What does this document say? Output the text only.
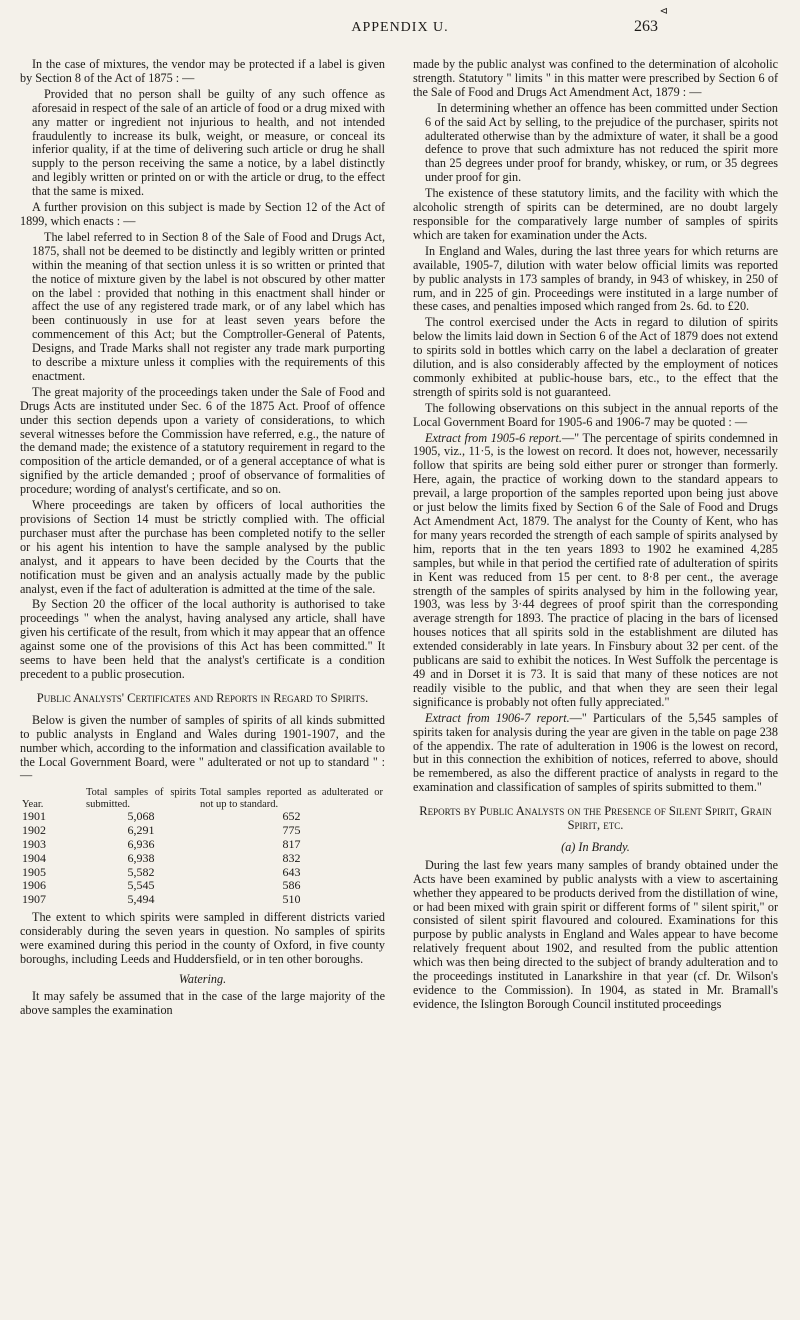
⊲
APPENDIX U.	263

In the case of mixtures, the vendor may be protected if a label is given by Section 8 of the Act of 1875 : —

Provided that no person shall be guilty of any such offence as aforesaid in respect of the sale of an article of food or a drug mixed with any matter or ingredient not injurious to health, and not intended fraudulently to increase its bulk, weight, or measure, or conceal its inferior quality, if at the time of delivering such article or drug he shall supply to the person receiving the same a notice, by a label distinctly and legibly written or printed on or with the article or drug, to the effect that the same is mixed.

A further provision on this subject is made by Section 12 of the Act of 1899, which enacts : —

The label referred to in Section 8 of the Sale of Food and Drugs Act, 1875, shall not be deemed to be distinctly and legibly written or printed within the meaning of that section unless it is so written or printed that the notice of mixture given by the label is not obscured by other matter on the label : provided that nothing in this enactment shall hinder or affect the use of any registered trade mark, or of any label which has been continuously in use for at least seven years before the commencement of this Act; but the Comptroller-General of Patents, Designs, and Trade Marks shall not register any trade mark purporting to describe a mixture unless it complies with the requirements of this enactment.

The great majority of the proceedings taken under the Sale of Food and Drugs Acts are instituted under Sec. 6 of the 1875 Act. Proof of offence under this section depends upon a variety of considerations, to which several witnesses before the Commission have referred, e.g., the nature of the demand made; the existence of a statutory requirement in regard to the composition of the article demanded, or of a general acceptance of what is signified by the article demanded ; proof of observance of formalities of procedure; wording of analyst's certificate, and so on.

Where proceedings are taken by officers of local authorities the provisions of Section 14 must be strictly complied with. The official purchaser must after the purchase has been completed notify to the seller or his agent his intention to have the sample analysed by the public analyst, and it appears to have been decided by the Courts that the notification must be given and an analysis actually made by the public analyst, even if the fact of adulteration is admitted at the time of the sale.

By Section 20 the officer of the local authority is authorised to take proceedings " when the analyst, having analysed any article, shall have given his certificate of the result, from which it may appear that an offence against some one of the provisions of this Act has been committed." It seems to have been held that the analyst's certificate is a condition precedent to a public prosecution.

Public Analysts' Certificates and Reports in Regard to Spirits.

Below is given the number of samples of spirits of all kinds submitted to public analysts in England and Wales during 1901-1907, and the number which, according to the information and classification available to the Local Government Board, were " adulterated or not up to standard " : —

Year.	Total samples of spirits submitted.	Total samples reported as adulterated or not up to standard.
1901	5,068	652
1902	6,291	775
1903	6,936	817
1904	6,938	832
1905	5,582	643
1906	5,545	586
1907	5,494	510

The extent to which spirits were sampled in different districts varied considerably during the seven years in question. No samples of spirits were examined during this period in the county of Oxford, in five county boroughs, including Leeds and Huddersfield, or in ten other boroughs.

Watering.

It may safely be assumed that in the case of the large majority of the above samples the examination

made by the public analyst was confined to the determination of alcoholic strength. Statutory " limits " in this matter were prescribed by Section 6 of the Sale of Food and Drugs Act Amendment Act, 1879 : —

In determining whether an offence has been committed under Section 6 of the said Act by selling, to the prejudice of the purchaser, spirits not adulterated otherwise than by the admixture of water, it shall be a good defence to prove that such admixture has not reduced the spirit more than 25 degrees under proof for brandy, whiskey, or rum, or 35 degrees under proof for gin.

The existence of these statutory limits, and the facility with which the alcoholic strength of spirits can be determined, are no doubt largely responsible for the comparatively large number of samples of spirits which are taken for examination under the Acts.

In England and Wales, during the last three years for which returns are available, 1905-7, dilution with water below official limits was reported by public analysts in 173 samples of brandy, in 943 of whiskey, in 250 of rum, and in 225 of gin. Proceedings were instituted in a large number of these cases, and penalties imposed which ranged from 2s. 6d. to £20.

The control exercised under the Acts in regard to dilution of spirits below the limits laid down in Section 6 of the Act of 1879 does not extend to spirits sold in bottles which carry on the label a declaration of greater dilution, and is also considerably affected by the employment of notices commonly exhibited at public-house bars, etc., to the effect that the strength of spirits sold is not guaranteed.

The following observations on this subject in the annual reports of the Local Government Board for 1905-6 and 1906-7 may be quoted : —

Extract from 1905-6 report.—" The percentage of spirits condemned in 1905, viz., 11·5, is the lowest on record. It does not, however, necessarily follow that spirits are being sold either purer or stronger than formerly. Here, again, the practice of working down to the standard appears to prevail, a large proportion of the samples reported upon being just above or just below the limits fixed by Section 6 of the Sale of Food and Drugs Act Amendment Act, 1879. The analyst for the County of Kent, who has for many years recorded the strength of each sample of spirits analysed by him, reports that in the ten years 1893 to 1902 he examined 4,285 samples, but while in that period the certified rate of adulteration of spirits in Kent was reduced from 15 per cent. to 8·8 per cent., the average strength of the samples of spirits analysed by him in the following year, 1903, was less by 3·44 degrees of proof spirit than the corresponding average strength for 1893. The practice of placing in the bars of licensed houses notices that all spirits sold in the establishment are diluted has extended considerably in late years. In Finsbury about 32 per cent. of the publicans are said to exhibit the notices. In West Suffolk the percentage is 49 and in Dorset it is 73. It is said that many of these notices are not readily visible to the public, and that when they are seen their legal significance is probably not often fully appreciated."

Extract from 1906-7 report.—" Particulars of the 5,545 samples of spirits taken for analysis during the year are given in the table on page 238 of the appendix. The rate of adulteration in 1906 is the lowest on record, but in this connection the exhibition of notices, referred to above, should be remembered, as also the different practice of analysts in regard to the examination and classification of samples of spirits submitted to them."

Reports by Public Analysts on the Presence of Silent Spirit, Grain Spirit, etc.
(a) In Brandy.

During the last few years many samples of brandy obtained under the Acts have been examined by public analysts with a view to ascertaining whether they appeared to be products derived from the distillation of wine, or had been mixed with grain spirit or different forms of " silent spirit," or consisted of silent spirit flavoured and coloured. Examinations for this purpose by public analysts in England and Wales appear to have become relatively frequent about 1902, and resulted from the public attention which was then being directed to the subject of brandy adulteration and to the proceedings instituted in Lanarkshire in that year (cf. Dr. Wilson's evidence to the Commission). In 1904, as stated in Mr. Bramall's evidence, the Islington Borough Council instituted proceedings
